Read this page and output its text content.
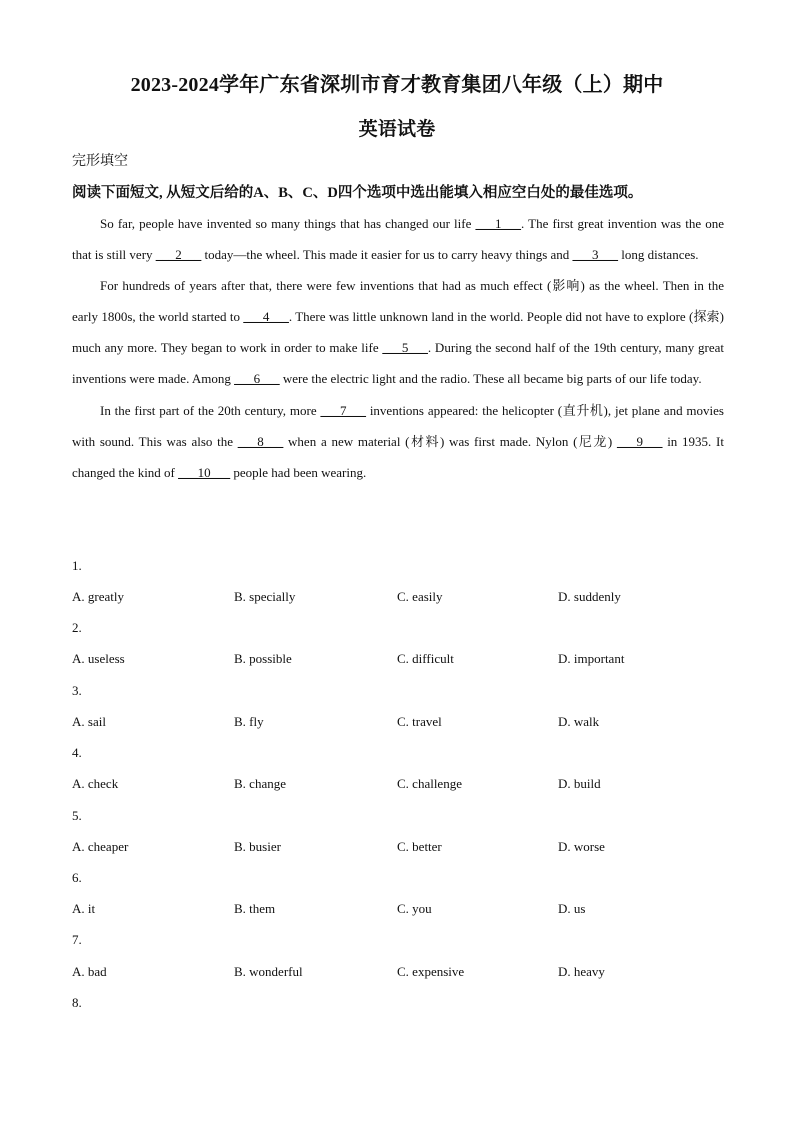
2023-2024学年广东省深圳市育才教育集团八年级（上）期中
英语试卷
完形填空
阅读下面短文, 从短文后给的A、B、C、D四个选项中选出能填入相应空白处的最佳选项。

So far, people have invented so many things that has changed our life ___1___. The first great invention was the one that is still very ___2___ today—the wheel. This made it easier for us to carry heavy things and ___3___ long distances.

For hundreds of years after that, there were few inventions that had as much effect (影响) as the wheel. Then in the early 1800s, the world started to ___4___. There was little unknown land in the world. People did not have to explore (探索) much any more. They began to work in order to make life ___5___. During the second half of the 19th century, many great inventions were made. Among ___6___ were the electric light and the radio. These all became big parts of our life today.

In the first part of the 20th century, more ___7___ inventions appeared: the helicopter (直升机), jet plane and movies with sound. This was also the ___8___ when a new material (材料) was first made. Nylon (尼龙) ___9___ in 1935. It changed the kind of ___10___ people had been wearing.

1.
A. greatly	B. specially	C. easily	D. suddenly
2.
A. useless	B. possible	C. difficult	D. important
3.
A. sail	B. fly	C. travel	D. walk
4.
A. check	B. change	C. challenge	D. build
5.
A. cheaper	B. busier	C. better	D. worse
6.
A. it	B. them	C. you	D. us
7.
A. bad	B. wonderful	C. expensive	D. heavy
8.
